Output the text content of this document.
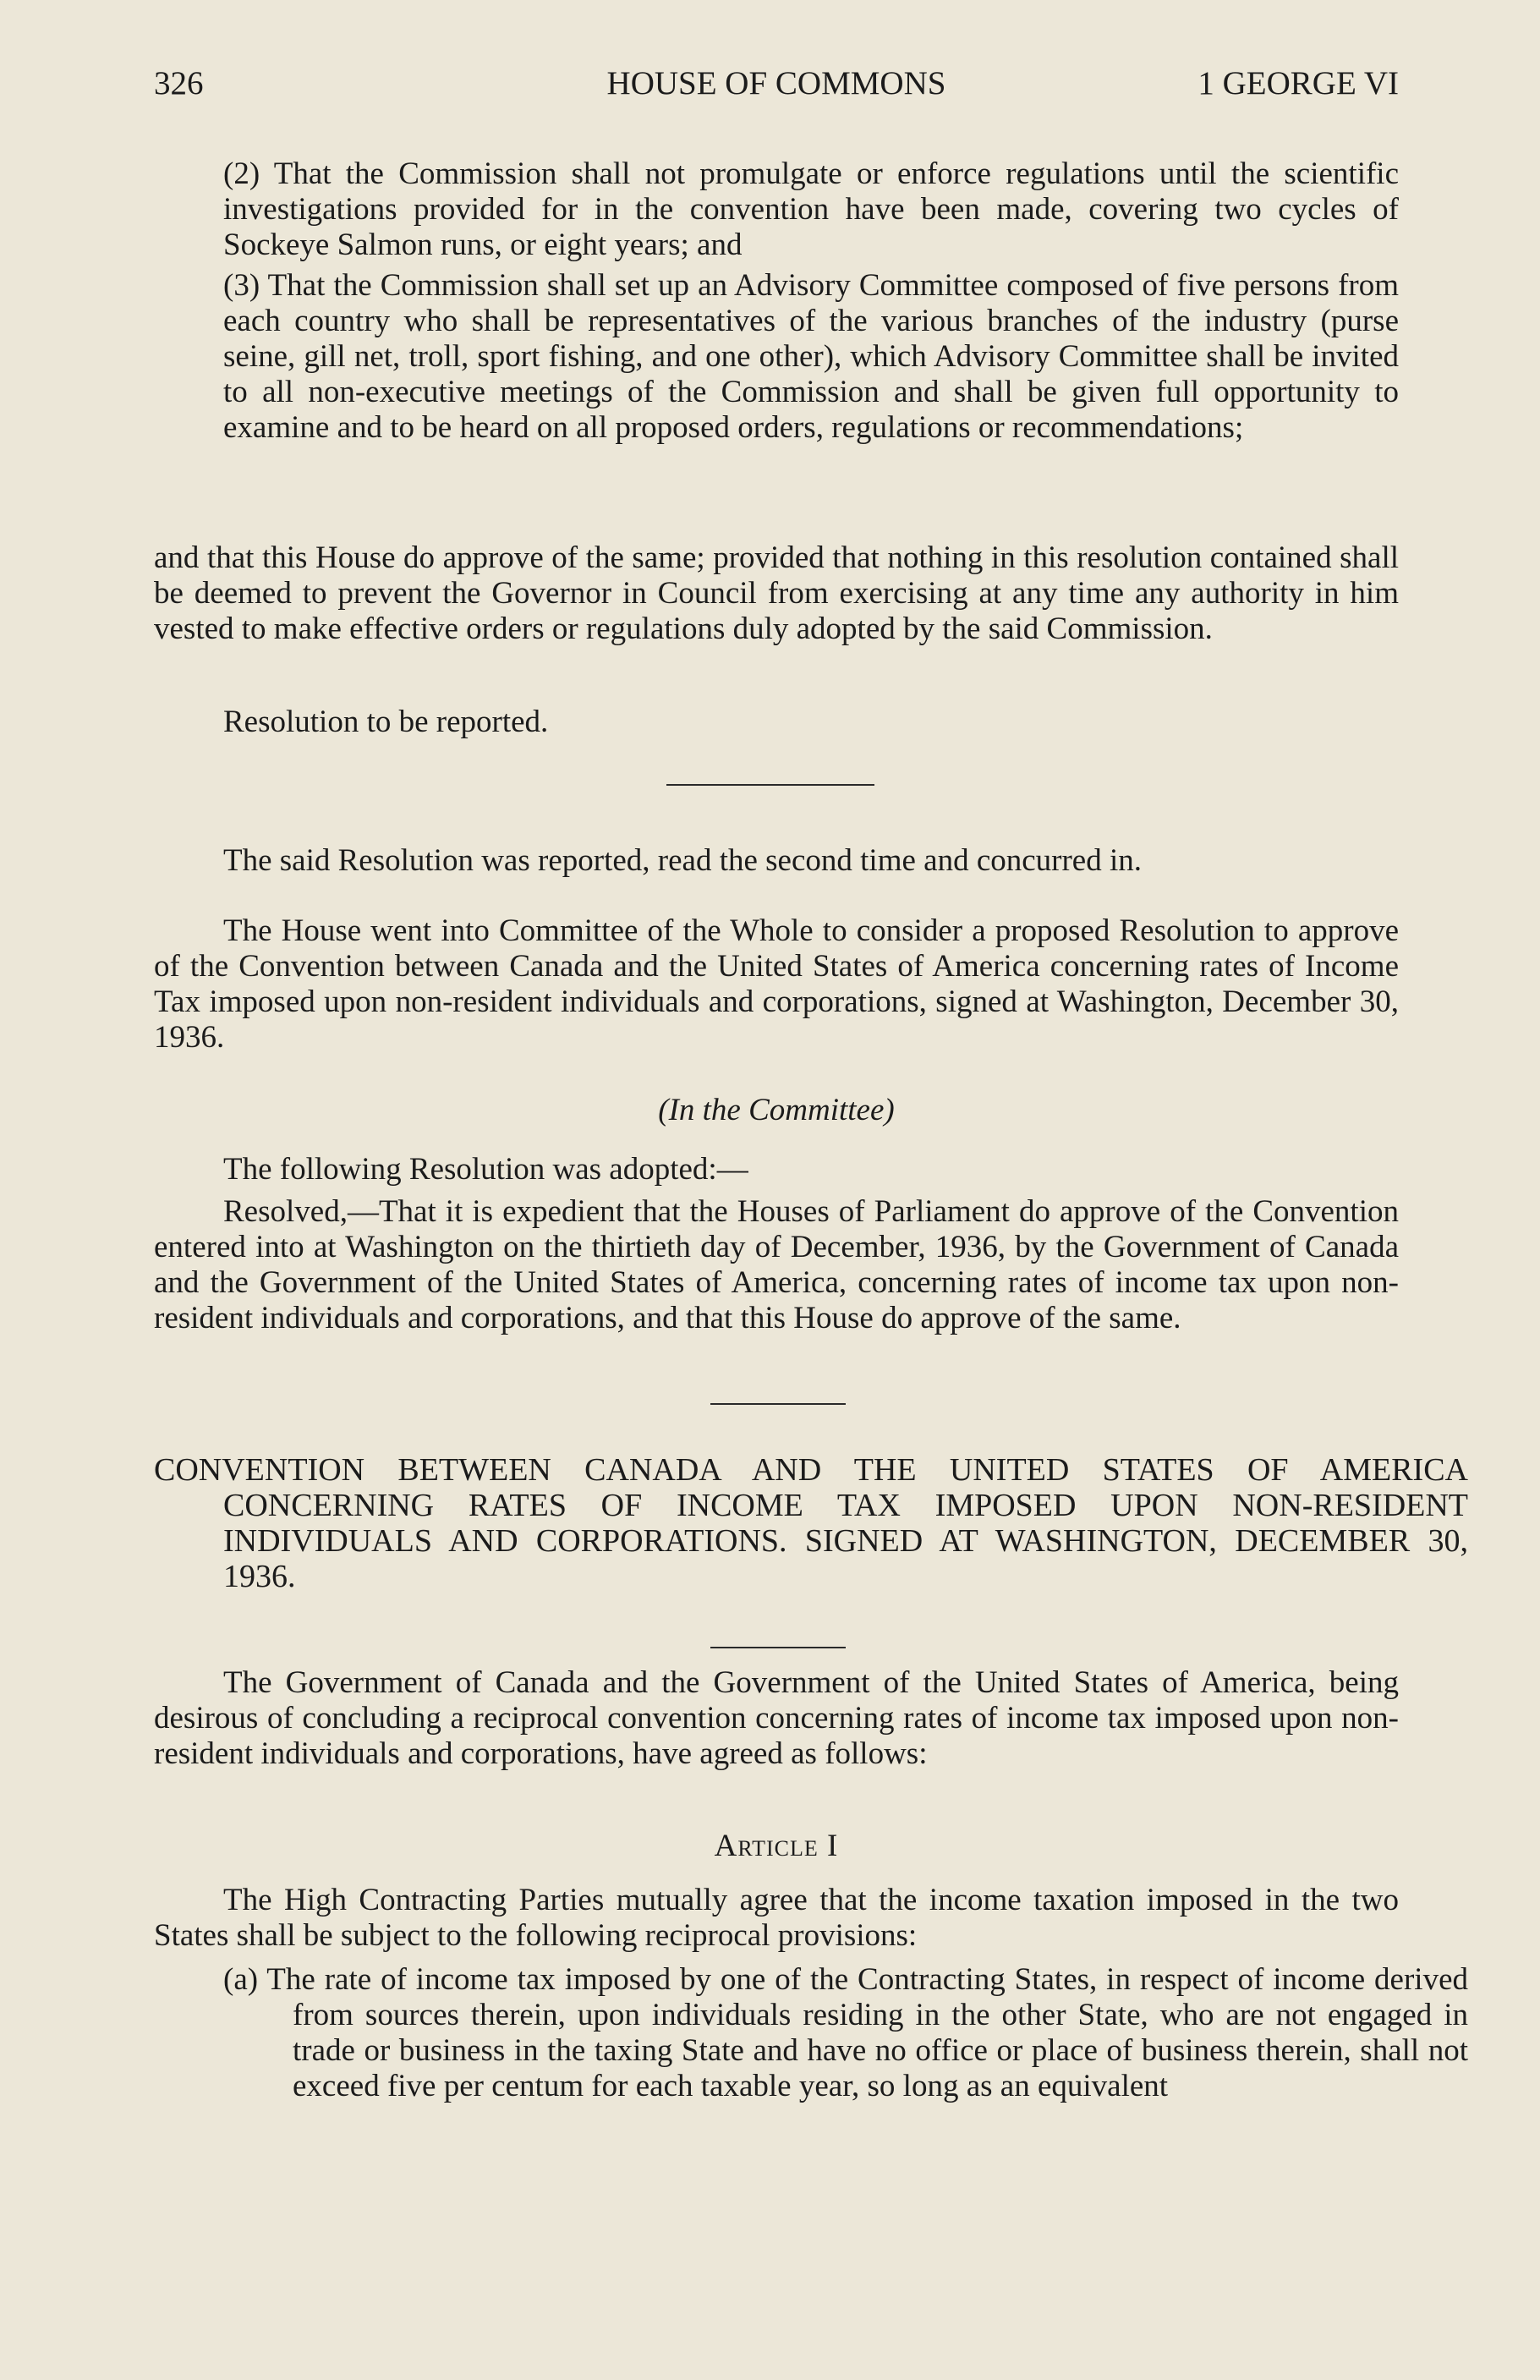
326	HOUSE OF COMMONS	1 GEORGE VI

(2) That the Commission shall not promulgate or enforce regulations until the scientific investigations provided for in the convention have been made, covering two cycles of Sockeye Salmon runs, or eight years; and

(3) That the Commission shall set up an Advisory Committee composed of five persons from each country who shall be representatives of the various branches of the industry (purse seine, gill net, troll, sport fishing, and one other), which Advisory Committee shall be invited to all non-executive meetings of the Commission and shall be given full opportunity to examine and to be heard on all proposed orders, regulations or recommendations;

and that this House do approve of the same; provided that nothing in this resolution contained shall be deemed to prevent the Governor in Council from exercising at any time any authority in him vested to make effective orders or regulations duly adopted by the said Commission.

Resolution to be reported.

The said Resolution was reported, read the second time and concurred in.

The House went into Committee of the Whole to consider a proposed Resolution to approve of the Convention between Canada and the United States of America concerning rates of Income Tax imposed upon non-resident individuals and corporations, signed at Washington, December 30, 1936.

(In the Committee)

The following Resolution was adopted:—

Resolved,—That it is expedient that the Houses of Parliament do approve of the Convention entered into at Washington on the thirtieth day of December, 1936, by the Government of Canada and the Government of the United States of America, concerning rates of income tax upon non-resident individuals and corporations, and that this House do approve of the same.

CONVENTION BETWEEN CANADA AND THE UNITED STATES OF AMERICA CONCERNING RATES OF INCOME TAX IMPOSED UPON NON-RESIDENT INDIVIDUALS AND CORPORATIONS. SIGNED AT WASHINGTON, DECEMBER 30, 1936.

The Government of Canada and the Government of the United States of America, being desirous of concluding a reciprocal convention concerning rates of income tax imposed upon non-resident individuals and corporations, have agreed as follows:

Article I

The High Contracting Parties mutually agree that the income taxation imposed in the two States shall be subject to the following reciprocal provisions:

(a) The rate of income tax imposed by one of the Contracting States, in respect of income derived from sources therein, upon individuals residing in the other State, who are not engaged in trade or business in the taxing State and have no office or place of business therein, shall not exceed five per centum for each taxable year, so long as an equivalent
